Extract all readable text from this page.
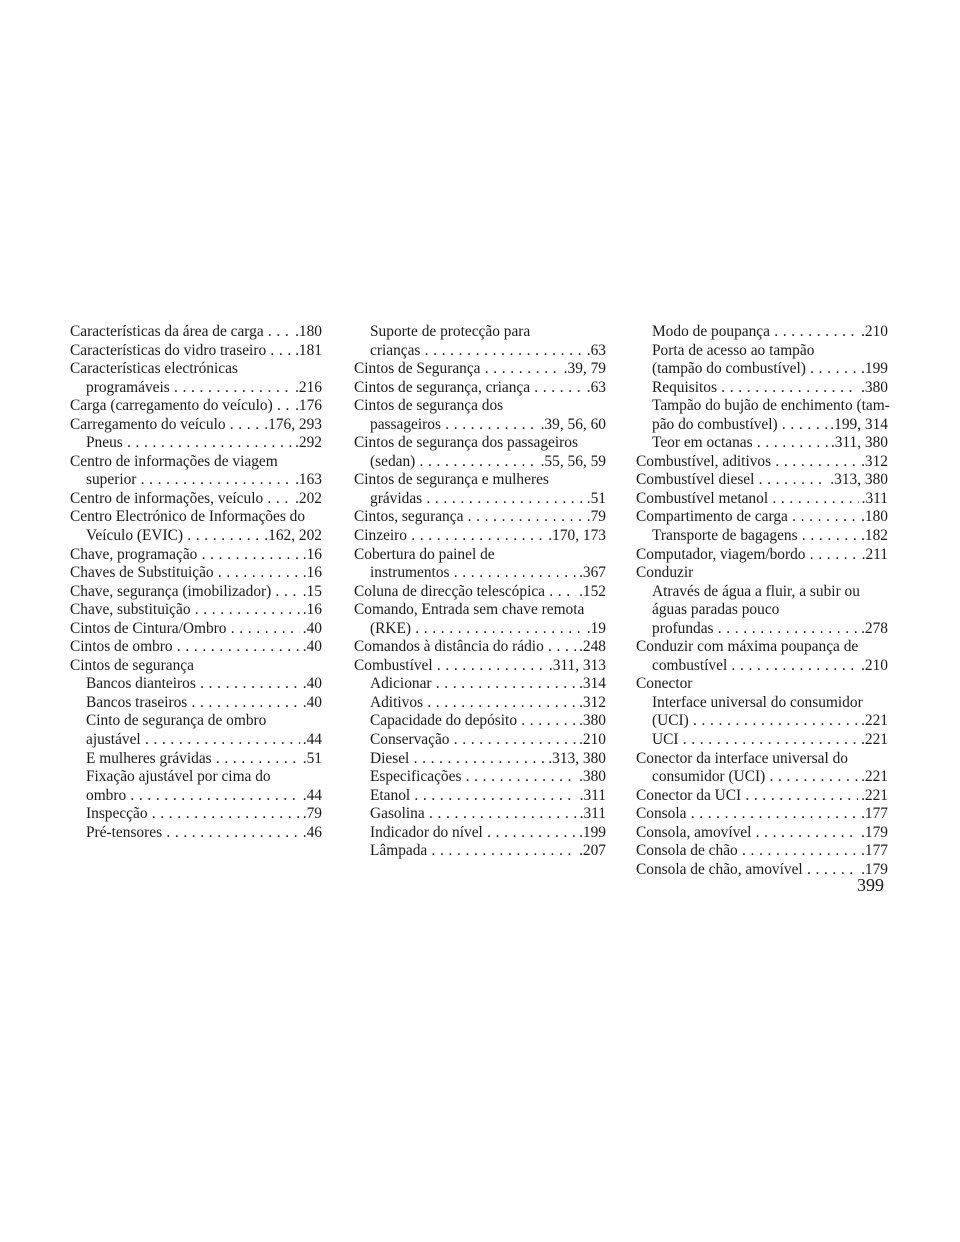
Características da área de carga . . .	.180
Características do vidro traseiro . . .	.181
Características electrónicas
programáveis . . .	.216
Carga (carregamento do veículo) . . .	.176
Carregamento do veículo . . .	.176, 293
Pneus . . .	.292
Centro de informações de viagem
superior . . .	.163
Centro de informações, veículo . . .	.202
Centro Electrónico de Informações do
Veículo (EVIC) . . .	.162, 202
Chave, programação . . .	.16
Chaves de Substituição . . .	.16
Chave, segurança (imobilizador) . . .	.15
Chave, substituição . . .	.16
Cintos de Cintura/Ombro . . .	.40
Cintos de ombro . . .	.40
Cintos de segurança
Bancos dianteiros . . .	.40
Bancos traseiros . . .	.40
Cinto de segurança de ombro
ajustável . . .	.44
E mulheres grávidas . . .	.51
Fixação ajustável por cima do
ombro . . .	.44
Inspecção . . .	.79
Pré-tensores . . .	.46
Suporte de protecção para
crianças . . .	.63
Cintos de Segurança . . .	.39, 79
Cintos de segurança, criança . . .	.63
Cintos de segurança dos
passageiros . . .	.39, 56, 60
Cintos de segurança dos passageiros
(sedan) . . .	.55, 56, 59
Cintos de segurança e mulheres
grávidas . . .	.51
Cintos, segurança . . .	.79
Cinzeiro . . .	.170, 173
Cobertura do painel de
instrumentos . . .	.367
Coluna de direcção telescópica . . .	.152
Comando, Entrada sem chave remota
(RKE) . . .	.19
Comandos à distância do rádio . . .	.248
Combustível . . .	.311, 313
Adicionar . . .	.314
Aditivos . . .	.312
Capacidade do depósito . . .	.380
Conservação . . .	.210
Diesel . . .	.313, 380
Especificações . . .	.380
Etanol . . .	.311
Gasolina . . .	.311
Indicador do nível . . .	.199
Lâmpada . . .	.207
Modo de poupança . . .	.210
Porta de acesso ao tampão
(tampão do combustível) . . .	.199
Requisitos . . .	.380
Tampão do bujão de enchimento (tam-
pão do combustível) . . .	.199, 314
Teor em octanas . . .	.311, 380
Combustível, aditivos . . .	.312
Combustível diesel . . .	.313, 380
Combustível metanol . . .	.311
Compartimento de carga . . .	.180
Transporte de bagagens . . .	.182
Computador, viagem/bordo . . .	.211
Conduzir
Através de água a fluir, a subir ou
águas paradas pouco
profundas . . .	.278
Conduzir com máxima poupança de
combustível . . .	.210
Conector
Interface universal do consumidor
(UCI) . . .	.221
UCI . . .	.221
Conector da interface universal do
consumidor (UCI) . . .	.221
Conector da UCI . . .	.221
Consola . . .	.177
Consola, amovível . . .	.179
Consola de chão . . .	.177
Consola de chão, amovível . . .	.179
399
